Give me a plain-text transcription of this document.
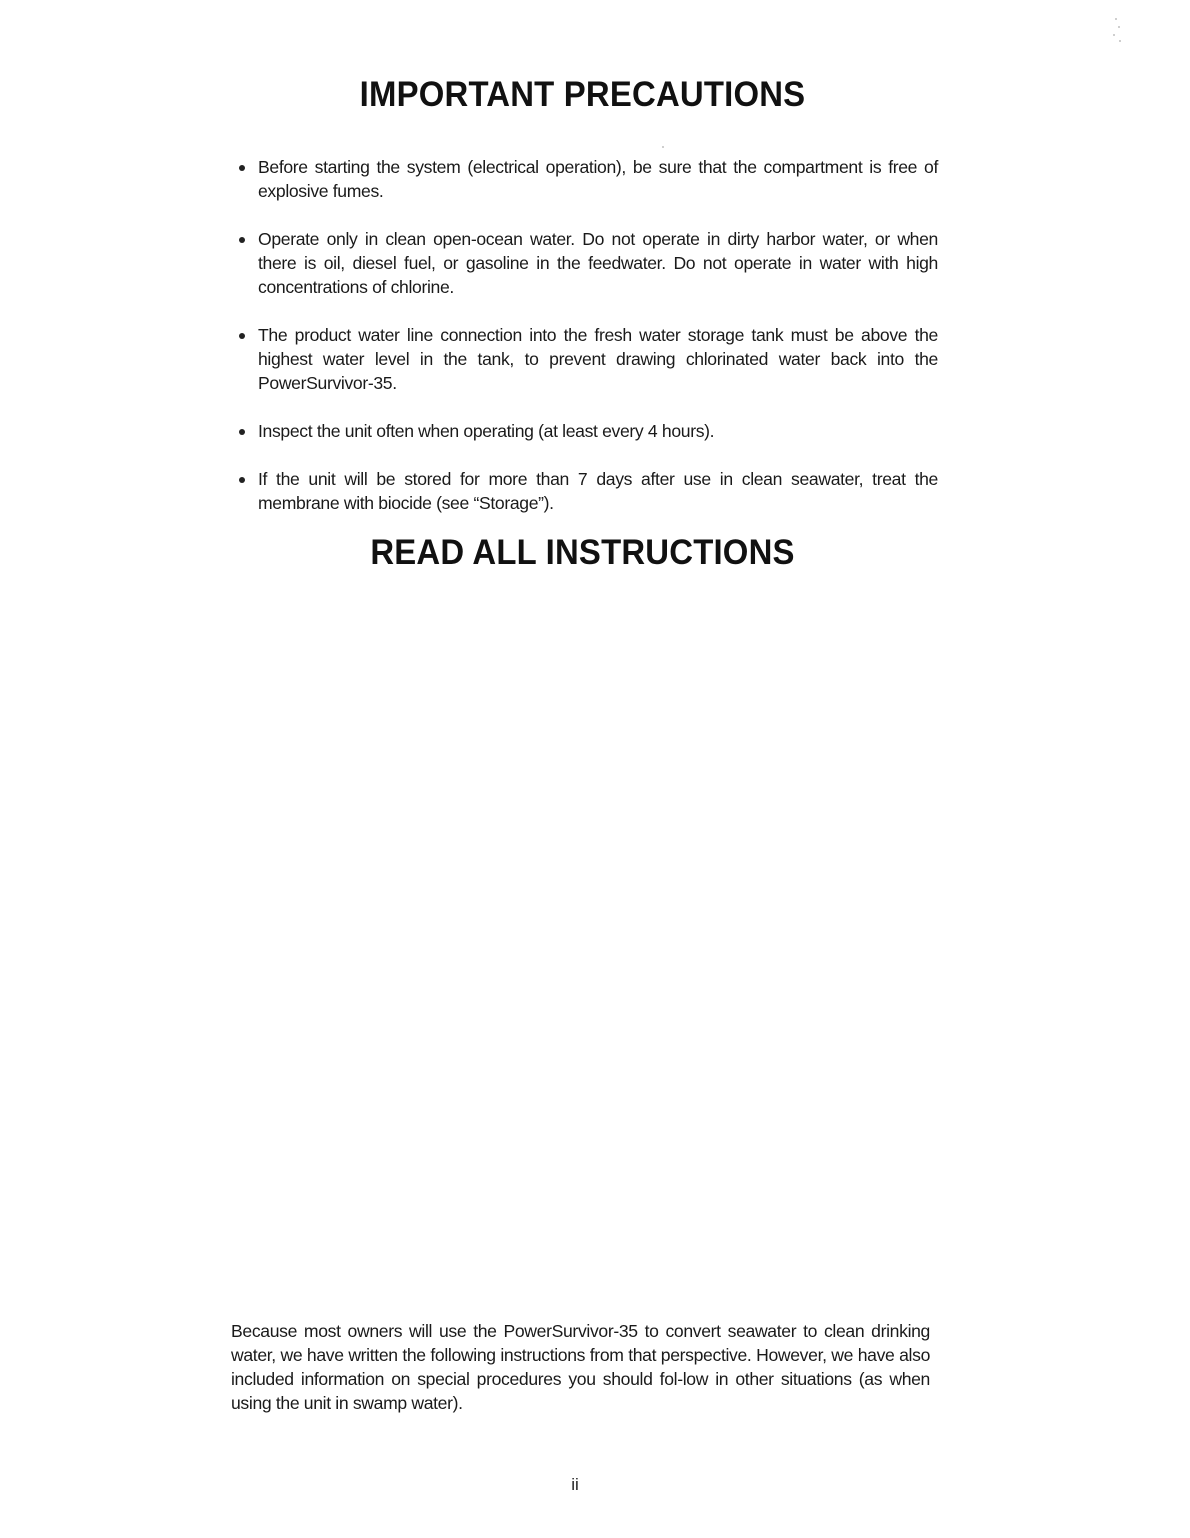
IMPORTANT PRECAUTIONS
Before starting the system (electrical operation), be sure that the compartment is free of explosive fumes.
Operate only in clean open-ocean water. Do not operate in dirty harbor water, or when there is oil, diesel fuel, or gasoline in the feedwater. Do not operate in water with high concentrations of chlorine.
The product water line connection into the fresh water storage tank must be above the highest water level in the tank, to prevent drawing chlorinated water back into the PowerSurvivor-35.
Inspect the unit often when operating (at least every 4 hours).
If the unit will be stored for more than 7 days after use in clean seawater, treat the membrane with biocide (see “Storage”).
READ ALL INSTRUCTIONS

Because most owners will use the PowerSurvivor-35 to convert seawater to clean drinking water, we have written the following instructions from that perspective. However, we have also included information on special procedures you should fol-low in other situations (as when using the unit in swamp water).

ii
